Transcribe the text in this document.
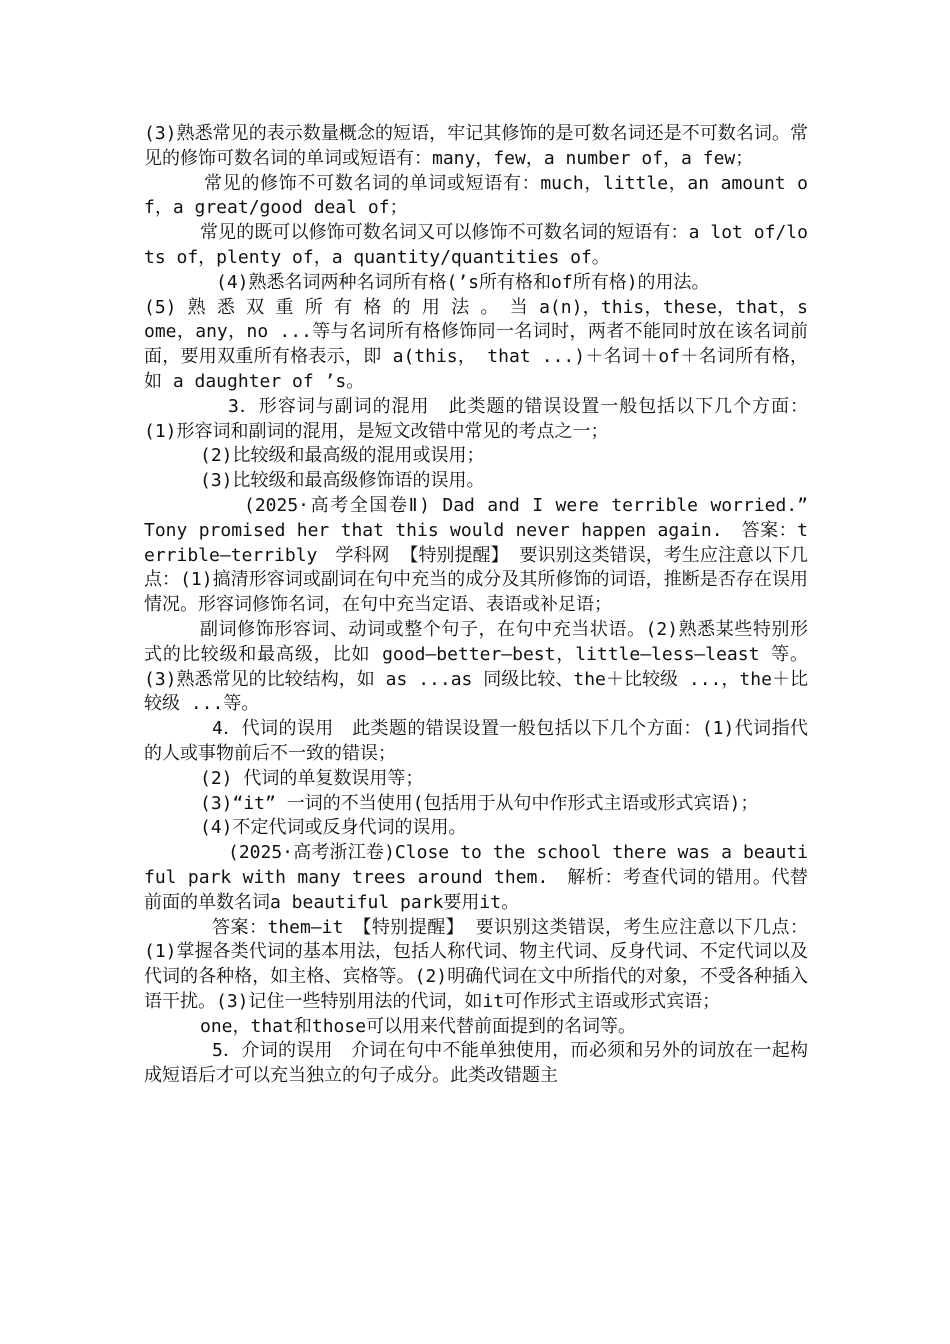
(3)熟悉常见的表示数量概念的短语，牢记其修饰的是可数名词还是不可数名词。常见的修饰可数名词的单词或短语有：many，few，a number of，a few；

常见的修饰不可数名词的单词或短语有：much，little，an amount of，a great/good deal of；

常见的既可以修饰可数名词又可以修饰不可数名词的短语有：a lot of/lots of，plenty of，a quantity/quantities of。

(4)熟悉名词两种名词所有格(’s所有格和of所有格)的用法。

(5) 熟 悉 双 重 所 有 格 的 用 法 。 当 a(n)，this，these，that，some，any，no ...等与名词所有格修饰同一名词时，两者不能同时放在该名词前面，要用双重所有格表示，即 a(this， that ...)＋名词＋of＋名词所有格，如 a daughter of ’s。

3．形容词与副词的混用　此类题的错误设置一般包括以下几个方面：(1)形容词和副词的混用，是短文改错中常见的考点之一；

(2)比较级和最高级的混用或误用；

(3)比较级和最高级修饰语的误用。

(2025·高考全国卷Ⅱ) Dad and I were terrible worried.” Tony promised her that this would never happen again.　答案：terrible—terribly　学科网 【特别提醒】 要识别这类错误，考生应注意以下几点：(1)搞清形容词或副词在句中充当的成分及其所修饰的词语，推断是否存在误用情况。形容词修饰名词，在句中充当定语、表语或补足语；

副词修饰形容词、动词或整个句子，在句中充当状语。(2)熟悉某些特别形式的比较级和最高级，比如 good—better—best，little—less—least 等。(3)熟悉常见的比较结构，如 as ...as 同级比较、the＋比较级 ...，the＋比较级 ...等。

4．代词的误用　此类题的错误设置一般包括以下几个方面：(1)代词指代的人或事物前后不一致的错误；

(2) 代词的单复数误用等；

(3)“it” 一词的不当使用(包括用于从句中作形式主语或形式宾语)；

(4)不定代词或反身代词的误用。

(2025·高考浙江卷)Close to the school there was a beautiful park with many trees around them.　解析：考查代词的错用。代替前面的单数名词a beautiful park要用it。

答案：them—it　【特别提醒】 要识别这类错误，考生应注意以下几点：(1)掌握各类代词的基本用法，包括人称代词、物主代词、反身代词、不定代词以及代词的各种格，如主格、宾格等。(2)明确代词在文中所指代的对象，不受各种插入语干扰。(3)记住一些特别用法的代词，如it可作形式主语或形式宾语；

one，that和those可以用来代替前面提到的名词等。

5．介词的误用　介词在句中不能单独使用，而必须和另外的词放在一起构成短语后才可以充当独立的句子成分。此类改错题主
